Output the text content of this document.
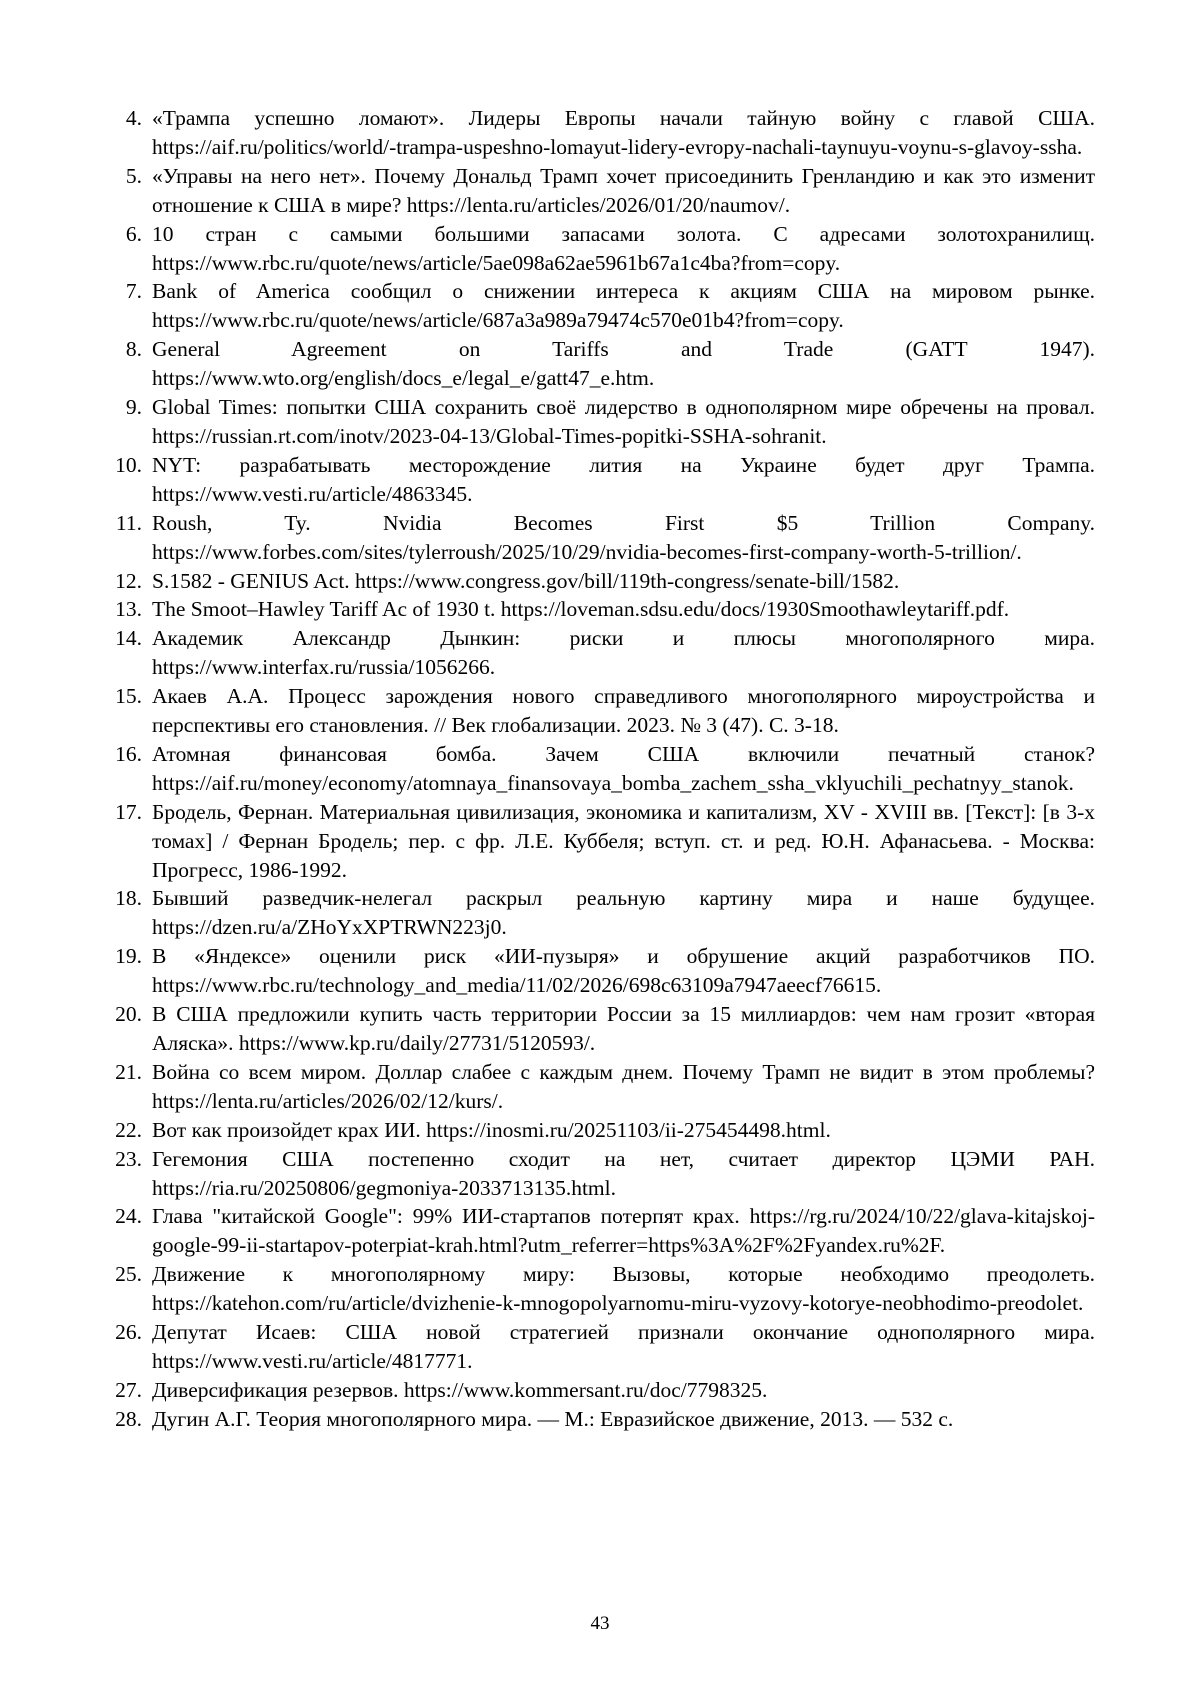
4. «Трампа успешно ломают». Лидеры Европы начали тайную войну с главой США. https://aif.ru/politics/world/-trampa-uspeshno-lomayut-lidery-evropy-nachali-taynuyu-voynu-s-glavoy-ssha.
5. «Управы на него нет». Почему Дональд Трамп хочет присоединить Гренландию и как это изменит отношение к США в мире? https://lenta.ru/articles/2026/01/20/naumov/.
6. 10 стран с самыми большими запасами золота. С адресами золотохранилищ. https://www.rbc.ru/quote/news/article/5ae098a62ae5961b67a1c4ba?from=copy.
7. Bank of America сообщил о снижении интереса к акциям США на мировом рынке. https://www.rbc.ru/quote/news/article/687a3a989a79474c570e01b4?from=copy.
8. General Agreement on Tariffs and Trade (GATT 1947). https://www.wto.org/english/docs_e/legal_e/gatt47_e.htm.
9. Global Times: попытки США сохранить своё лидерство в однополярном мире обречены на провал. https://russian.rt.com/inotv/2023-04-13/Global-Times-popitki-SSHA-sohranit.
10. NYT: разрабатывать месторождение лития на Украине будет друг Трампа. https://www.vesti.ru/article/4863345.
11. Roush, Ty. Nvidia Becomes First $5 Trillion Company. https://www.forbes.com/sites/tylerroush/2025/10/29/nvidia-becomes-first-company-worth-5-trillion/.
12. S.1582 - GENIUS Act. https://www.congress.gov/bill/119th-congress/senate-bill/1582.
13. The Smoot–Hawley Tariff Ac of 1930 t. https://loveman.sdsu.edu/docs/1930Smoothawleytariff.pdf.
14. Академик Александр Дынкин: риски и плюсы многополярного мира. https://www.interfax.ru/russia/1056266.
15. Акаев А.А. Процесс зарождения нового справедливого многополярного мироустройства и перспективы его становления. // Век глобализации. 2023. № 3 (47). С. 3-18.
16. Атомная финансовая бомба. Зачем США включили печатный станок? https://aif.ru/money/economy/atomnaya_finansovaya_bomba_zachem_ssha_vklyuchili_pechatnyy_stanok.
17. Бродель, Фернан. Материальная цивилизация, экономика и капитализм, XV - XVIII вв. [Текст]: [в 3-х томах] / Фернан Бродель; пер. с фр. Л.Е. Куббеля; вступ. ст. и ред. Ю.Н. Афанасьева. - Москва: Прогресс, 1986-1992.
18. Бывший разведчик-нелегал раскрыл реальную картину мира и наше будущее. https://dzen.ru/a/ZHoYxXPTRWN223j0.
19. В «Яндексе» оценили риск «ИИ-пузыря» и обрушение акций разработчиков ПО. https://www.rbc.ru/technology_and_media/11/02/2026/698c63109a7947aeecf76615.
20. В США предложили купить часть территории России за 15 миллиардов: чем нам грозит «вторая Аляска». https://www.kp.ru/daily/27731/5120593/.
21. Война со всем миром. Доллар слабее с каждым днем. Почему Трамп не видит в этом проблемы? https://lenta.ru/articles/2026/02/12/kurs/.
22. Вот как произойдет крах ИИ. https://inosmi.ru/20251103/ii-275454498.html.
23. Гегемония США постепенно сходит на нет, считает директор ЦЭМИ РАН. https://ria.ru/20250806/gegmoniya-2033713135.html.
24. Глава "китайской Google": 99% ИИ-стартапов потерпят крах. https://rg.ru/2024/10/22/glava-kitajskoj-google-99-ii-startapov-poterpiat-krah.html?utm_referrer=https%3A%2F%2Fyandex.ru%2F.
25. Движение к многополярному миру: Вызовы, которые необходимо преодолеть. https://katehon.com/ru/article/dvizhenie-k-mnogopolyarnomu-miru-vyzovy-kotorye-neobhodimo-preodolet.
26. Депутат Исаев: США новой стратегией признали окончание однополярного мира. https://www.vesti.ru/article/4817771.
27. Диверсификация резервов. https://www.kommersant.ru/doc/7798325.
28. Дугин А.Г. Теория многополярного мира. — М.: Евразийское движение, 2013. — 532 с.
43
